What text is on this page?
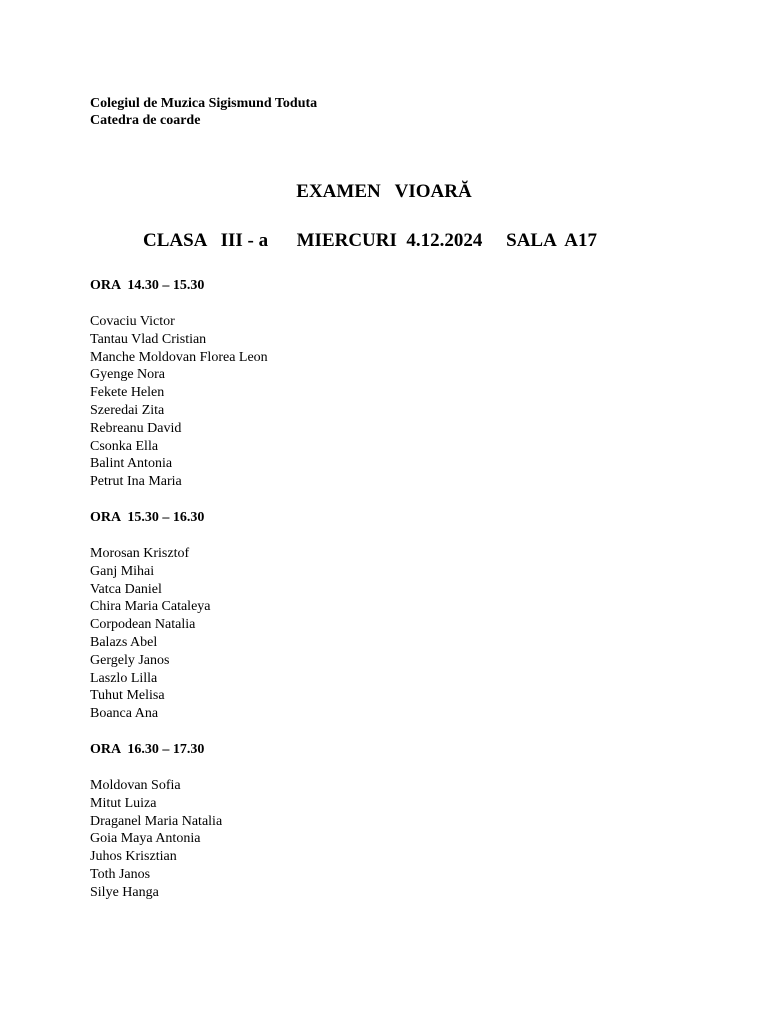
Colegiul de Muzica Sigismund Toduta
Catedra de coarde
EXAMEN   VIOARĂ
CLASA   III - a      MIERCURI  4.12.2024     SALA  A17
ORA  14.30 – 15.30
Covaciu Victor
Tantau Vlad Cristian
Manche Moldovan Florea Leon
Gyenge Nora
Fekete Helen
Szeredai Zita
Rebreanu David
Csonka Ella
Balint Antonia
Petrut Ina Maria
ORA  15.30 – 16.30
Morosan Krisztof
Ganj Mihai
Vatca Daniel
Chira Maria Cataleya
Corpodean Natalia
Balazs Abel
Gergely Janos
Laszlo Lilla
Tuhut Melisa
Boanca Ana
ORA  16.30 – 17.30
Moldovan Sofia
Mitut Luiza
Draganel Maria Natalia
Goia Maya Antonia
Juhos Krisztian
Toth Janos
Silye Hanga
